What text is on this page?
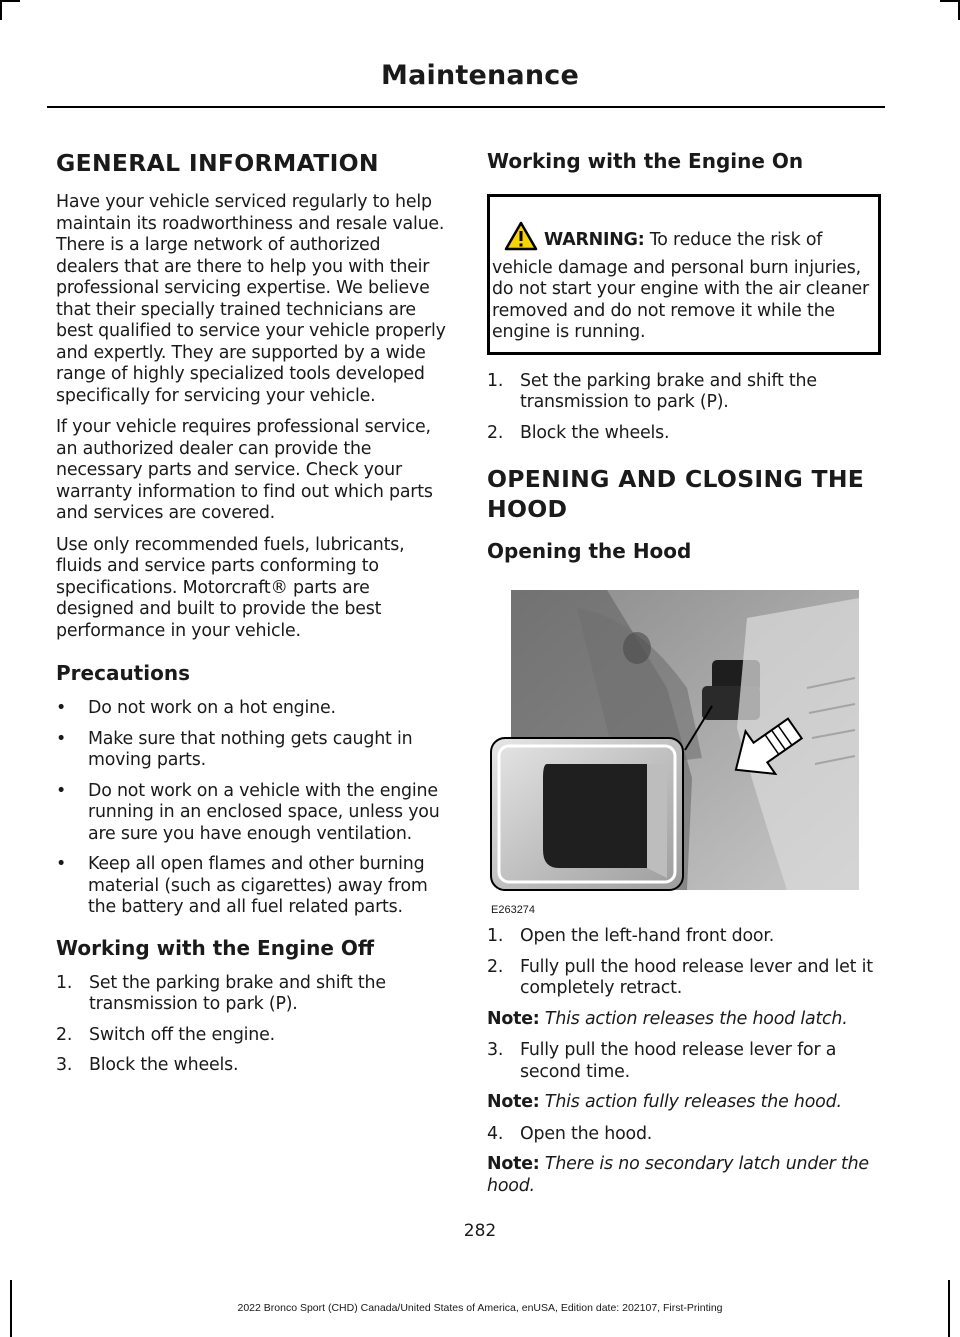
Maintenance
GENERAL INFORMATION

Have your vehicle serviced regularly to help maintain its roadworthiness and resale value. There is a large network of authorized dealers that are there to help you with their professional servicing expertise. We believe that their specially trained technicians are best qualified to service your vehicle properly and expertly. They are supported by a wide range of highly specialized tools developed specifically for servicing your vehicle.

If your vehicle requires professional service, an authorized dealer can provide the necessary parts and service. Check your warranty information to find out which parts and services are covered.

Use only recommended fuels, lubricants, fluids and service parts conforming to specifications. Motorcraft® parts are designed and built to provide the best performance in your vehicle.

Precautions
• Do not work on a hot engine.
• Make sure that nothing gets caught in moving parts.
• Do not work on a vehicle with the engine running in an enclosed space, unless you are sure you have enough ventilation.
• Keep all open flames and other burning material (such as cigarettes) away from the battery and all fuel related parts.
Working with the Engine Off
1. Set the parking brake and shift the transmission to park (P).
2. Switch off the engine.
3. Block the wheels.
Working with the Engine On
WARNING: To reduce the risk of vehicle damage and personal burn injuries, do not start your engine with the air cleaner removed and do not remove it while the engine is running.
1. Set the parking brake and shift the transmission to park (P).
2. Block the wheels.
OPENING AND CLOSING THE HOOD
Opening the Hood
E263274
1. Open the left-hand front door.
2. Fully pull the hood release lever and let it completely retract.

Note: This action releases the hood latch.

3. Fully pull the hood release lever for a second time.

Note: This action fully releases the hood.

4. Open the hood.

Note: There is no secondary latch under the hood.

282
2022 Bronco Sport (CHD) Canada/United States of America, enUSA, Edition date: 202107, First-Printing
